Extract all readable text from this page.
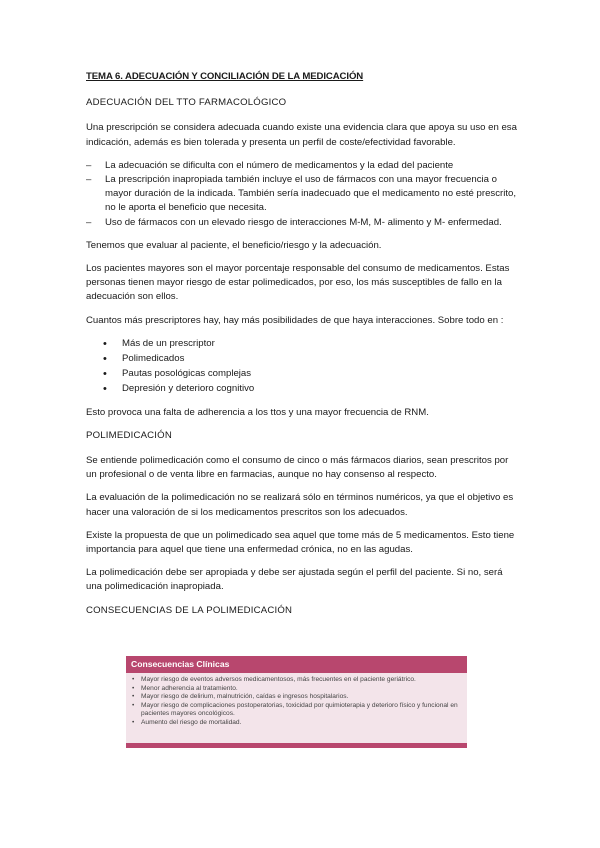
TEMA 6. ADECUACIÓN Y CONCILIACIÓN DE LA MEDICACIÓN
ADECUACIÓN DEL TTO FARMACOLÓGICO

Una prescripción se considera adecuada cuando existe una evidencia clara que apoya su uso en esa indicación, además es bien tolerada y presenta un perfil de coste/efectividad favorable.

– La adecuación se dificulta con el número de medicamentos y la edad del paciente
– La prescripción inapropiada también incluye el uso de fármacos con una mayor frecuencia o mayor duración de la indicada. También sería inadecuado que el medicamento no esté prescrito, no le aporta el beneficio que necesita.
– Uso de fármacos con un elevado riesgo de interacciones M-M, M- alimento y M- enfermedad.

Tenemos que evaluar al paciente, el beneficio/riesgo y la adecuación.

Los pacientes mayores son el mayor porcentaje responsable del consumo de medicamentos. Estas personas tienen mayor riesgo de estar polimedicados, por eso, los más susceptibles de fallo en la adecuación son ellos.

Cuantos más prescriptores hay, hay más posibilidades de que haya interacciones. Sobre todo en :

• Más de un prescriptor
• Polimedicados
• Pautas posológicas complejas
• Depresión y deterioro cognitivo

Esto provoca una falta de adherencia a los ttos y una mayor frecuencia de RNM.

POLIMEDICACIÓN

Se entiende polimedicación como el consumo de cinco o más fármacos diarios, sean prescritos por un profesional o de venta libre en farmacias, aunque no hay consenso al respecto.

La evaluación de la polimedicación no se realizará sólo en términos numéricos, ya que el objetivo es hacer una valoración de si los medicamentos prescritos son los adecuados.

Existe la propuesta de que un polimedicado sea aquel que tome más de 5 medicamentos. Esto tiene importancia para aquel que tiene una enfermedad crónica, no en las agudas.

La polimedicación debe ser apropiada y debe ser ajustada según el perfil del paciente. Si no, será una polimedicación inapropiada.

CONSECUENCIAS DE LA POLIMEDICACIÓN
Consecuencias Clínicas
• Mayor riesgo de eventos adversos medicamentosos, más frecuentes en el paciente geriátrico.
• Menor adherencia al tratamiento.
• Mayor riesgo de delirium, malnutrición, caídas e ingresos hospitalarios.
• Mayor riesgo de complicaciones postoperatorias, toxicidad por quimioterapia y deterioro físico y funcional en pacientes mayores oncológicos.
• Aumento del riesgo de mortalidad.
